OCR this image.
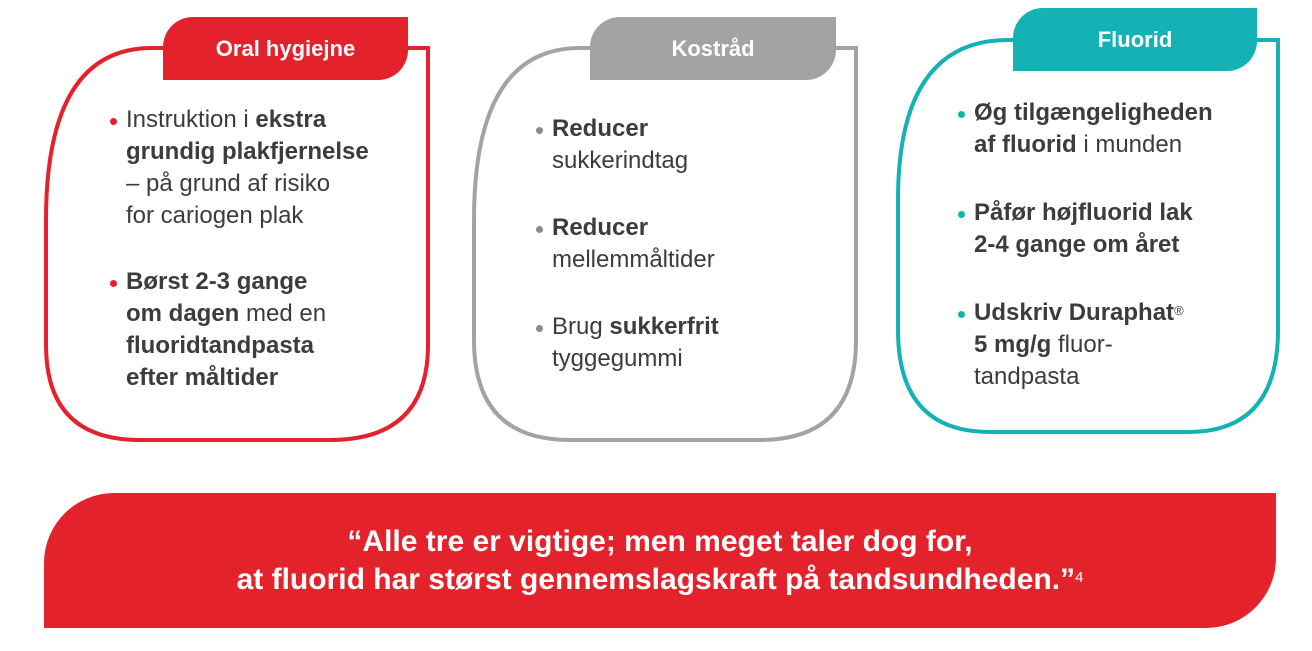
Oral hygiejne
Instruktion i ekstra
grundig plakfjernelse
– på grund af risiko
for cariogen plak
Børst 2-3 gange
om dagen med en
fluoridtandpasta
efter måltider
Kostråd
Reducer
sukkerindtag
Reducer
mellemmåltider
Brug sukkerfrit
tyggegummi
Fluorid
Øg tilgængeligheden
af fluorid i munden
Påfør højfluorid lak
2-4 gange om året
Udskriv Duraphat®
5 mg/g fluor-
tandpasta
“Alle tre er vigtige; men meget taler dog for,
at fluorid har størst gennemslagskraft på tandsundheden.”$^4$
